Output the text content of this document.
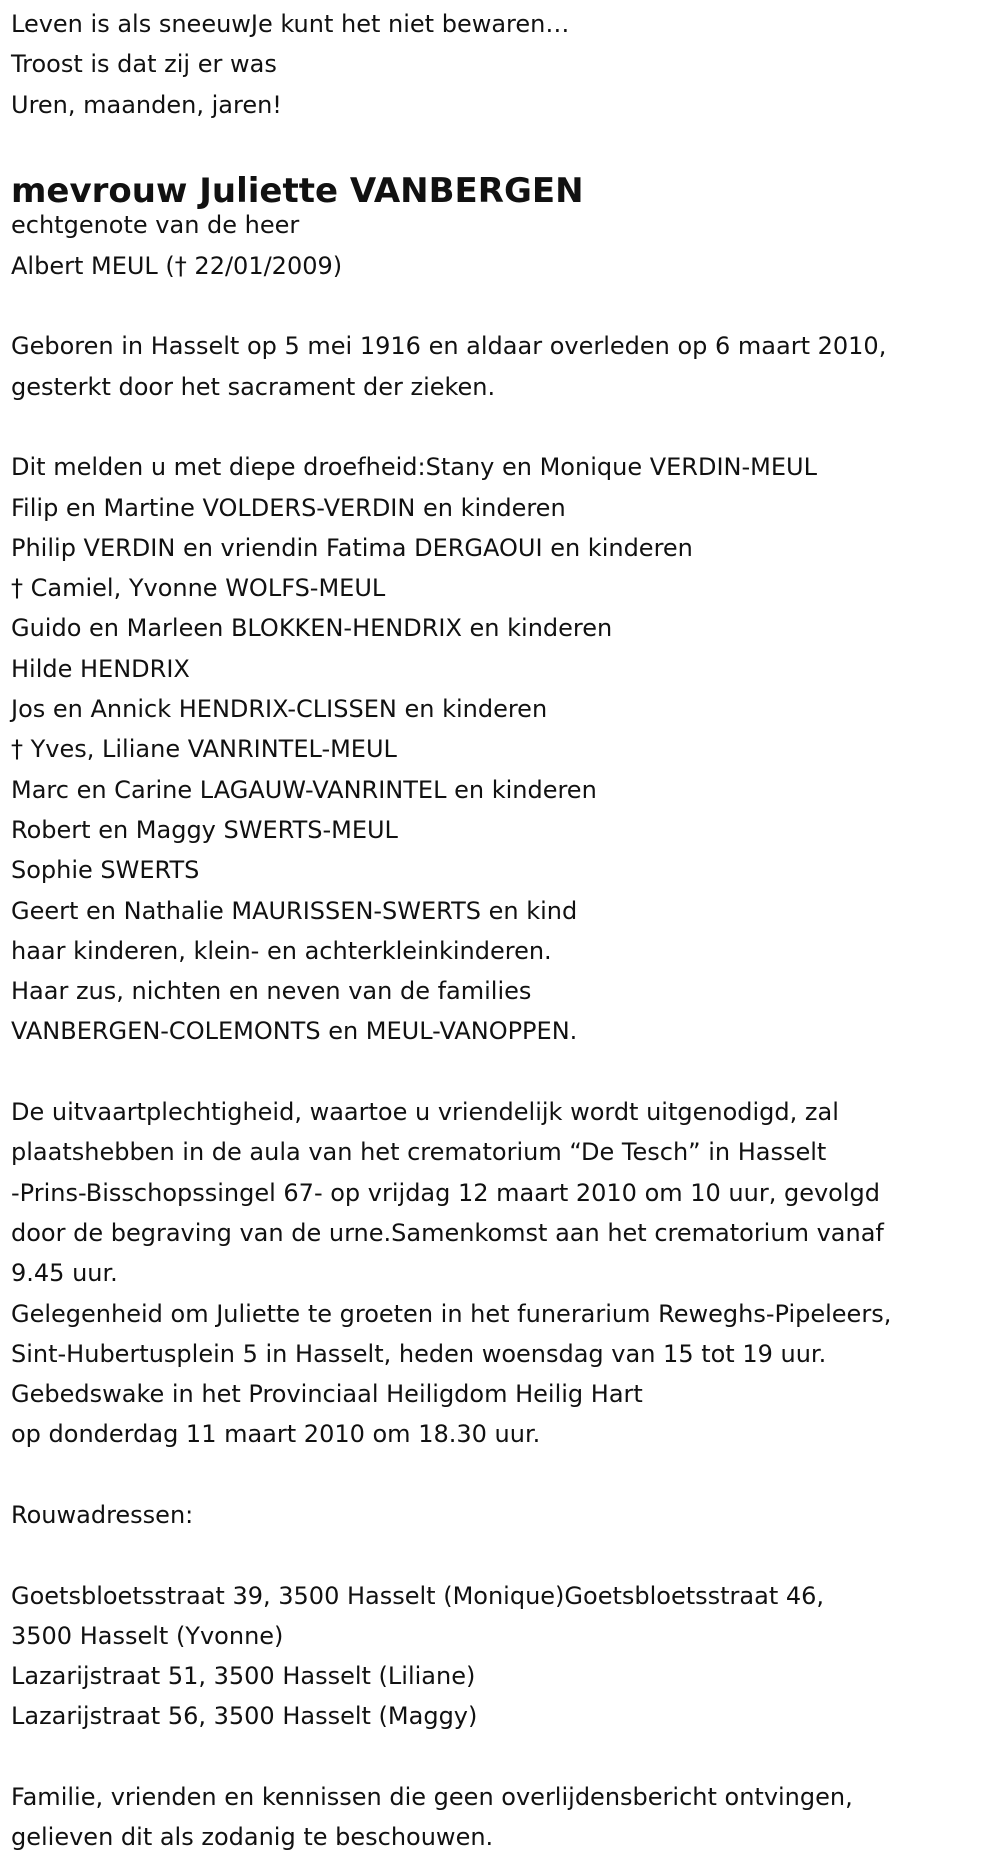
Leven is als sneeuwJe kunt het niet bewaren…
Troost is dat zij er was
Uren, maanden, jaren!
mevrouw Juliette VANBERGEN
echtgenote van de heer
Albert MEUL († 22/01/2009)
Geboren in Hasselt op 5 mei 1916 en aldaar overleden op 6 maart 2010,
gesterkt door het sacrament der zieken.
Dit melden u met diepe droefheid:Stany en Monique VERDIN-MEUL
Filip en Martine VOLDERS-VERDIN en kinderen
Philip VERDIN en vriendin Fatima DERGAOUI en kinderen
† Camiel, Yvonne WOLFS-MEUL
Guido en Marleen BLOKKEN-HENDRIX en kinderen
Hilde HENDRIX
Jos en Annick HENDRIX-CLISSEN en kinderen
† Yves, Liliane VANRINTEL-MEUL
Marc en Carine LAGAUW-VANRINTEL en kinderen
Robert en Maggy SWERTS-MEUL
Sophie SWERTS
Geert en Nathalie MAURISSEN-SWERTS en kind
haar kinderen, klein- en achterkleinkinderen.
Haar zus, nichten en neven van de families
VANBERGEN-COLEMONTS en MEUL-VANOPPEN.
De uitvaartplechtigheid, waartoe u vriendelijk wordt uitgenodigd, zal
plaatshebben in de aula van het crematorium “De Tesch” in Hasselt
-Prins-Bisschopssingel 67- op vrijdag 12 maart 2010 om 10 uur, gevolgd
door de begraving van de urne.Samenkomst aan het crematorium vanaf
9.45 uur.
Gelegenheid om Juliette te groeten in het funerarium Reweghs-Pipeleers,
Sint-Hubertusplein 5 in Hasselt, heden woensdag van 15 tot 19 uur.
Gebedswake in het Provinciaal Heiligdom Heilig Hart
op donderdag 11 maart 2010 om 18.30 uur.
Rouwadressen:
Goetsbloetsstraat 39, 3500 Hasselt (Monique)Goetsbloetsstraat 46,
3500 Hasselt (Yvonne)
Lazarijstraat 51, 3500 Hasselt (Liliane)
Lazarijstraat 56, 3500 Hasselt (Maggy)
Familie, vrienden en kennissen die geen overlijdensbericht ontvingen,
gelieven dit als zodanig te beschouwen.
